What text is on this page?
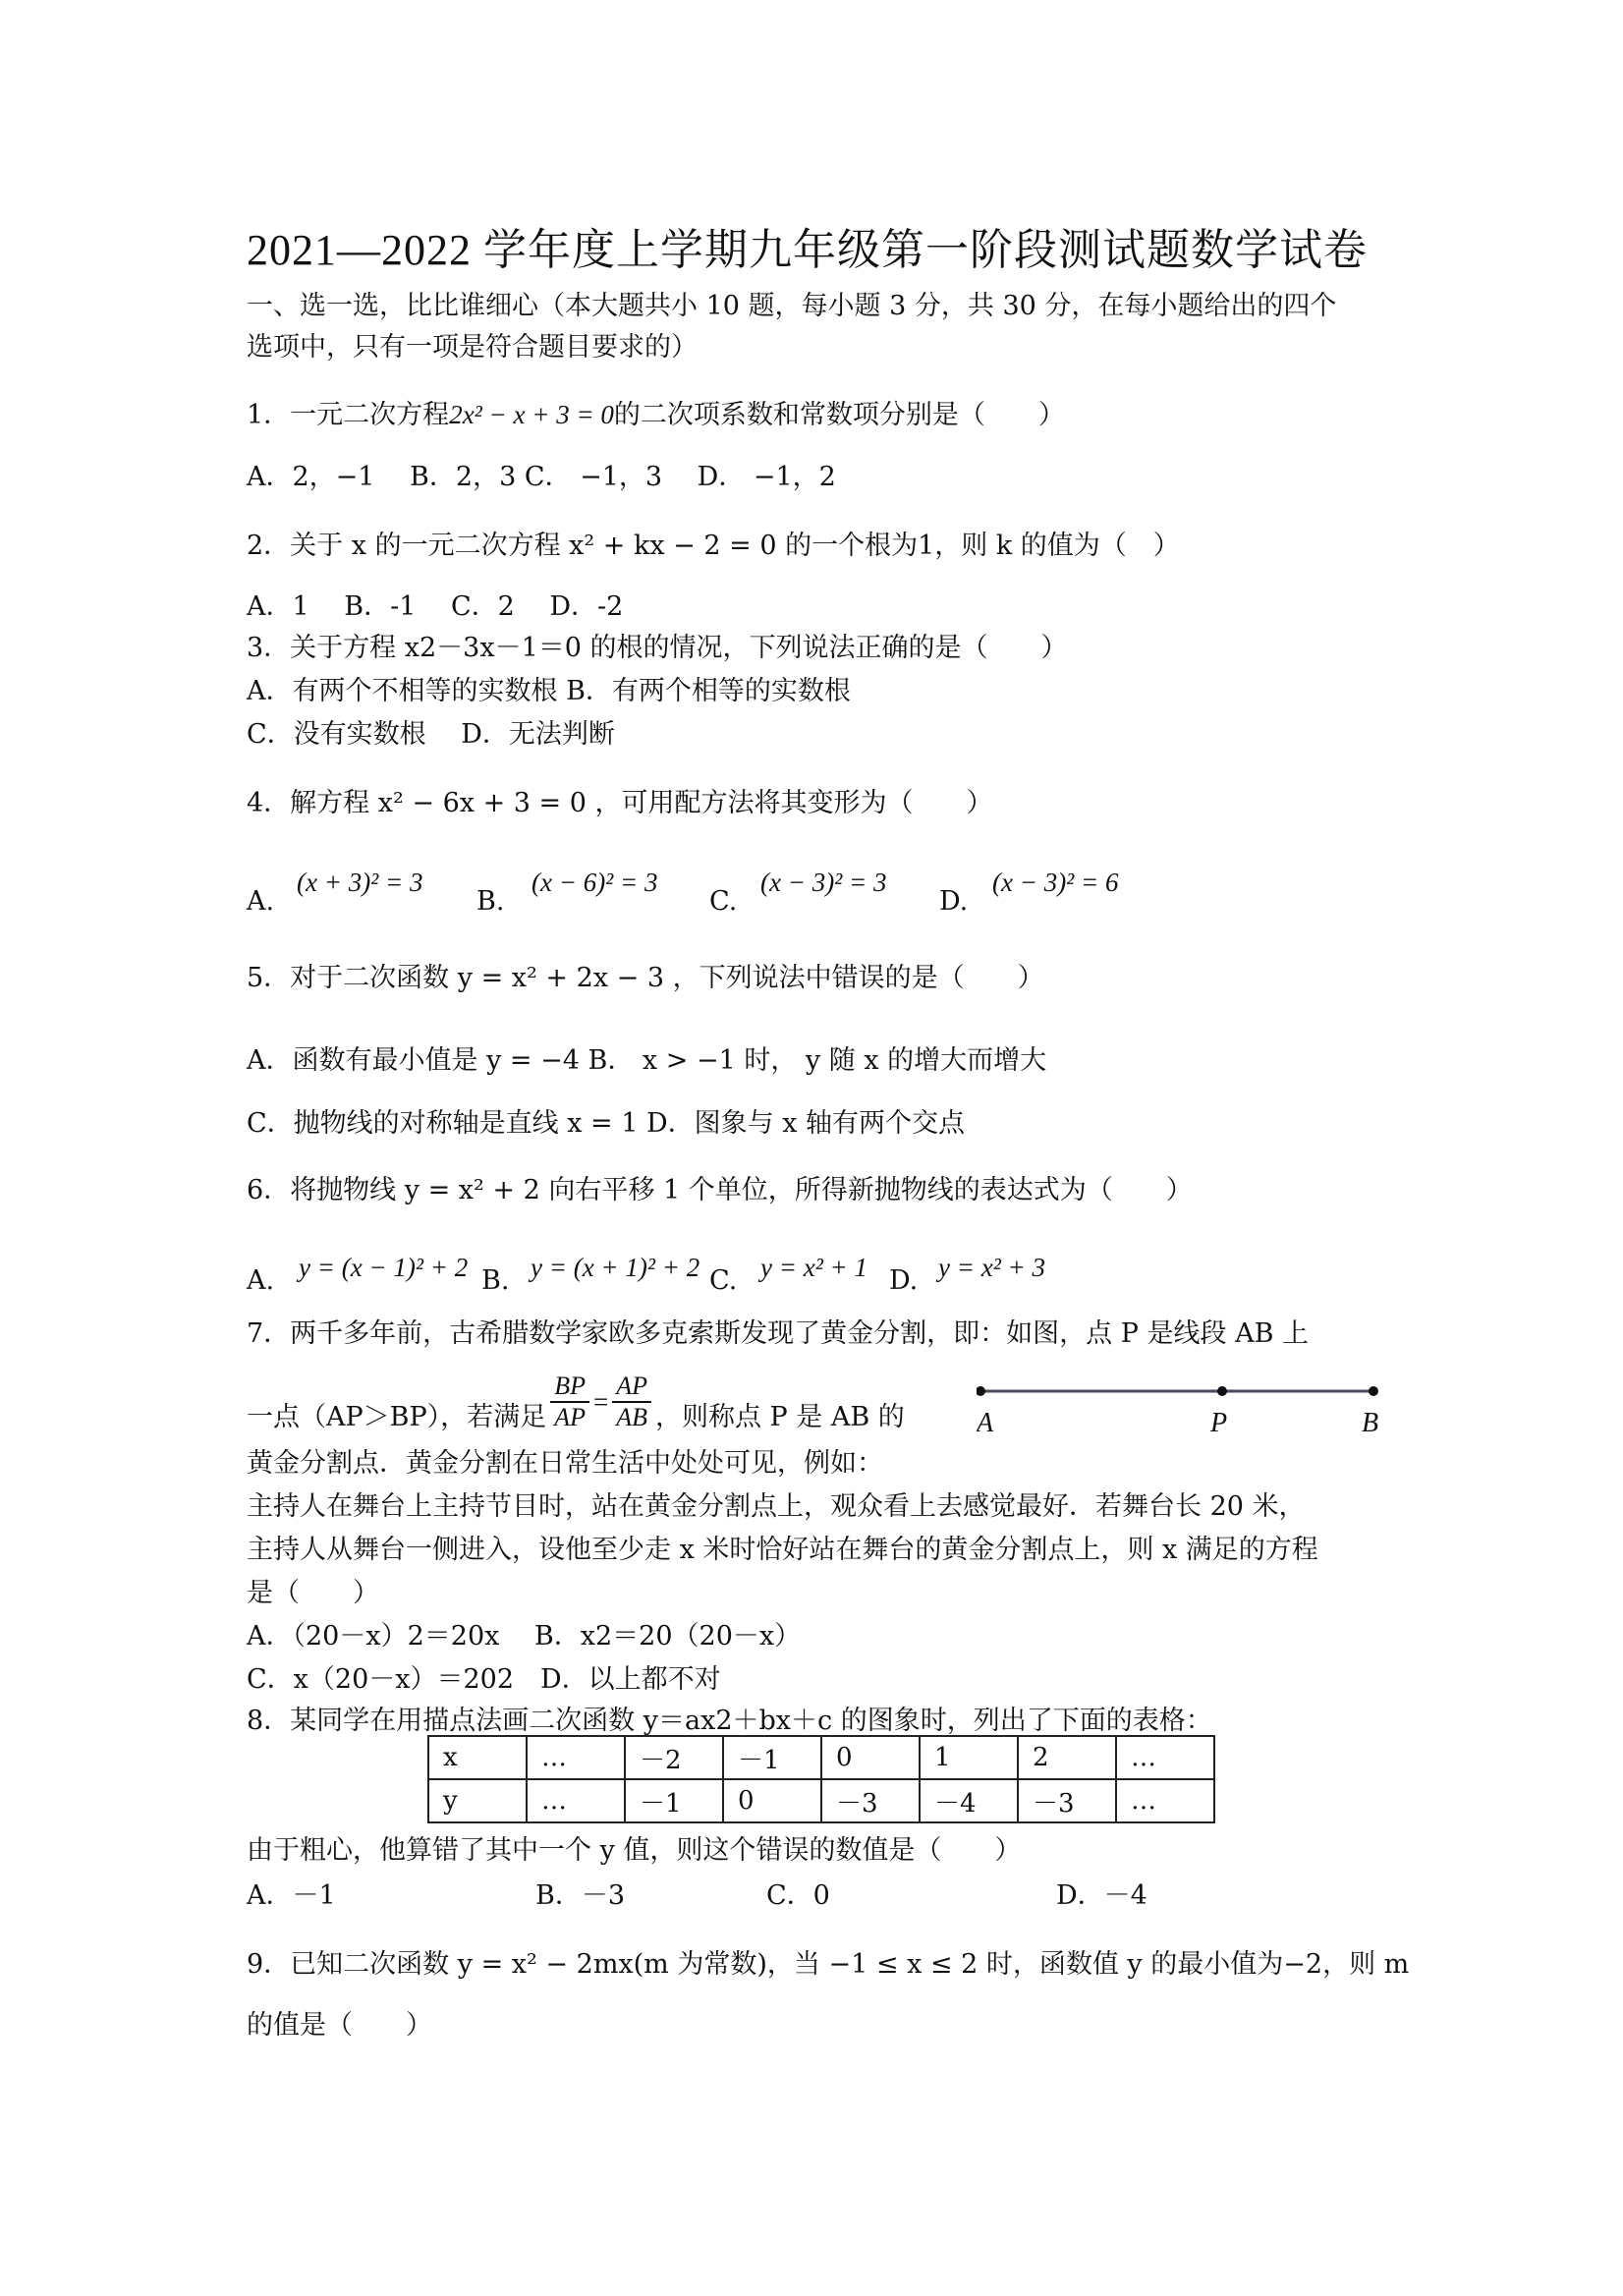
2021—2022 学年度上学期九年级第一阶段测试题数学试卷
一、选一选，比比谁细心（本大题共小 10 题，每小题 3 分，共 30 分，在每小题给出的四个
选项中，只有一项是符合题目要求的）
1．一元二次方程2x² − x + 3 = 0的二次项系数和常数项分别是（　　）
A．2，−1　 B．2，3 C． −1，3　 D． −1，2
2．关于 x 的一元二次方程 x² + kx − 2 = 0 的一个根为1，则 k 的值为（　）
A．1　 B．-1　 C．2　 D．-2
3．关于方程 x2－3x－1＝0 的根的情况，下列说法正确的是（　　）
A．有两个不相等的实数根 B．有两个相等的实数根
C．没有实数根　 D．无法判断
4．解方程 x² − 6x + 3 = 0 ，可用配方法将其变形为（　　）
A.
(x + 3)² = 3
B.
(x − 6)² = 3
C.
(x − 3)² = 3
D.
(x − 3)² = 6
5．对于二次函数 y = x² + 2x − 3 ，下列说法中错误的是（　　）
A．函数有最小值是 y = −4 B． x > −1 时， y 随 x 的增大而增大
C．抛物线的对称轴是直线 x = 1 D．图象与 x 轴有两个交点
6．将抛物线 y = x² + 2 向右平移 1 个单位，所得新抛物线的表达式为（　　）
A. y = (x − 1)² + 2 B. y = (x + 1)² + 2 C. y = x² + 1 D. y = x² + 3
7．两千多年前，古希腊数学家欧多克索斯发现了黄金分割，即：如图，点 P 是线段 AB 上
一点（AP＞BP），若满足 $\frac{BP}{AP} = \frac{AP}{AB}$ ，则称点 P 是 AB 的	A	P	B
黄金分割点．黄金分割在日常生活中处处可见，例如：
主持人在舞台上主持节目时，站在黄金分割点上，观众看上去感觉最好．若舞台长 20 米，
主持人从舞台一侧进入，设他至少走 x 米时恰好站在舞台的黄金分割点上，则 x 满足的方程
是（　　）
A．（20－x）2＝20x　 B．x2＝20（20－x）
C．x（20－x）＝202　D．以上都不对
8．某同学在用描点法画二次函数 y＝ax2＋bx＋c 的图象时，列出了下面的表格：
x	…	－2	－1	0	1	2	…
y	…	－1	0	－3	－4	－3	…
由于粗心，他算错了其中一个 y 值，则这个错误的数值是（　　）
A．－1	B．－3	C．0	D．－4
9．已知二次函数 y = x² − 2mx(m 为常数)，当 −1 ≤ x ≤ 2 时，函数值 y 的最小值为−2，则 m
的值是（　　）
